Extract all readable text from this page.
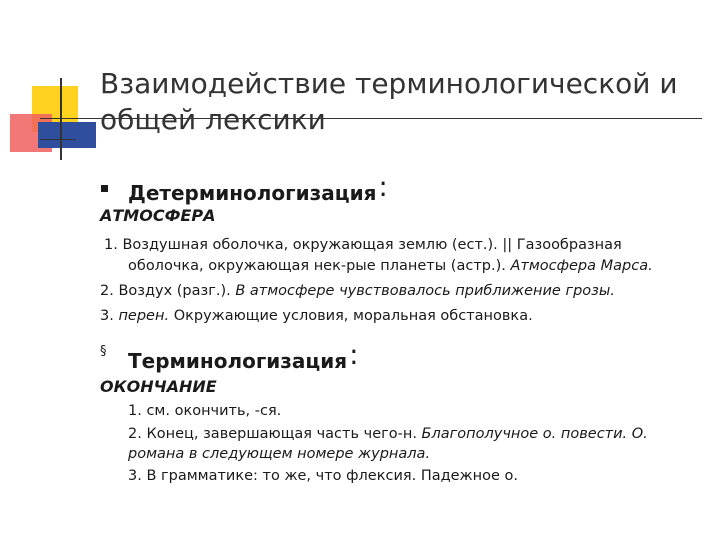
Взаимодействие терминологической и
общей лексики
Детерминологизация:
АТМОСФЕРА
1. Воздушная оболочка, окружающая землю (ест.). || Газообразная
оболочка, окружающая нек-рые планеты (астр.). Атмосфера Марса.
2. Воздух (разг.). В атмосфере чувствовалось приближение грозы.
3. перен. Окружающие условия, моральная обстановка.
§ Терминологизация:
ОКОНЧАНИЕ
1. см. окончить, -ся.
2. Конец, завершающая часть чего-н. Благополучное о. повести. О.
романа в следующем номере журнала.
3. В грамматике: то же, что флексия. Падежное о.
